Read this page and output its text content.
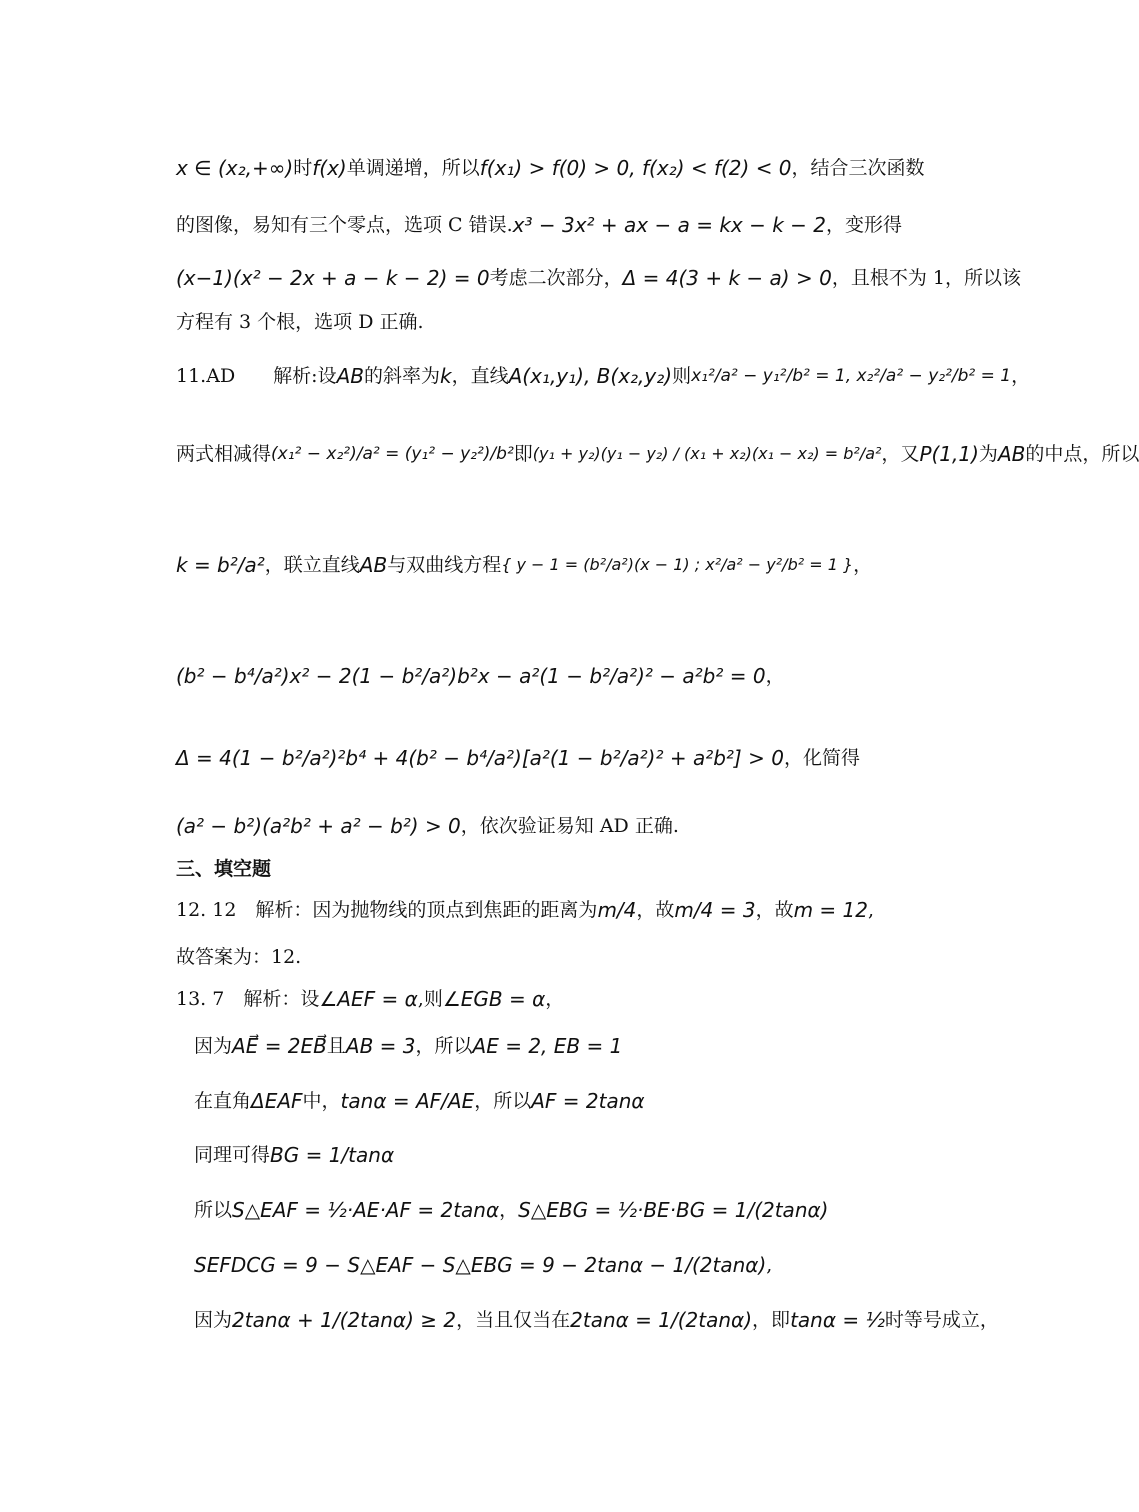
x ∈ (x₂,+∞) 时 f(x) 单调递增，所以 f(x₁) > f(0) > 0, f(x₂) < f(2) < 0 ，结合三次函数
的图像，易知有三个零点，选项 C 错误. x³ − 3x² + ax − a = kx − k − 2 ，变形得
(x−1)(x² − 2x + a − k − 2) = 0 考虑二次部分， Δ = 4(3 + k − a) > 0 ，且根不为 1，所以该
方程有 3 个根，选项 D 正确.
11.AD　　解析:设 AB 的斜率为 k ，直线 A(x₁,y₁), B(x₂,y₂) 则 x₁²/a² − y₁²/b² = 1, x₂²/a² − y₂²/b² = 1 ，
两式相减得 (x₁² − x₂²)/a² = (y₁² − y₂²)/b² 即 (y₁ + y₂)(y₁ − y₂) / (x₁ + x₂)(x₁ − x₂) = b²/a² ，又 P(1,1) 为 AB 的中点，所以
k = b²/a² ，联立直线 AB 与双曲线方程 { y − 1 = (b²/a²)(x − 1) ; x²/a² − y²/b² = 1 } ，
(b² − b⁴/a²)x² − 2(1 − b²/a²)b²x − a²(1 − b²/a²)² − a²b² = 0 ，
Δ = 4(1 − b²/a²)²b⁴ + 4(b² − b⁴/a²)[a²(1 − b²/a²)² + a²b²] > 0 ，化简得
(a² − b²)(a²b² + a² − b²) > 0 ，依次验证易知 AD 正确.
三、填空题
12. 12　解析：因为抛物线的顶点到焦距的距离为 m/4 ，故 m/4 = 3 ，故 m = 12 ,
故答案为：12.
13. 7　解析：设 ∠AEF = α ,则 ∠EGB = α ，
因为 AE⃗ = 2EB⃗ 且 AB = 3 ，所以 AE = 2, EB = 1
在直角 ΔEAF 中， tanα = AF/AE ，所以 AF = 2tanα
同理可得 BG = 1/tanα
所以 S△EAF = ½·AE·AF = 2tanα ， S△EBG = ½·BE·BG = 1/(2tanα)
SEFDCG = 9 − S△EAF − S△EBG = 9 − 2tanα − 1/(2tanα) ,
因为 2tanα + 1/(2tanα) ≥ 2 ，当且仅当在 2tanα = 1/(2tanα) ，即 tanα = ½ 时等号成立，
